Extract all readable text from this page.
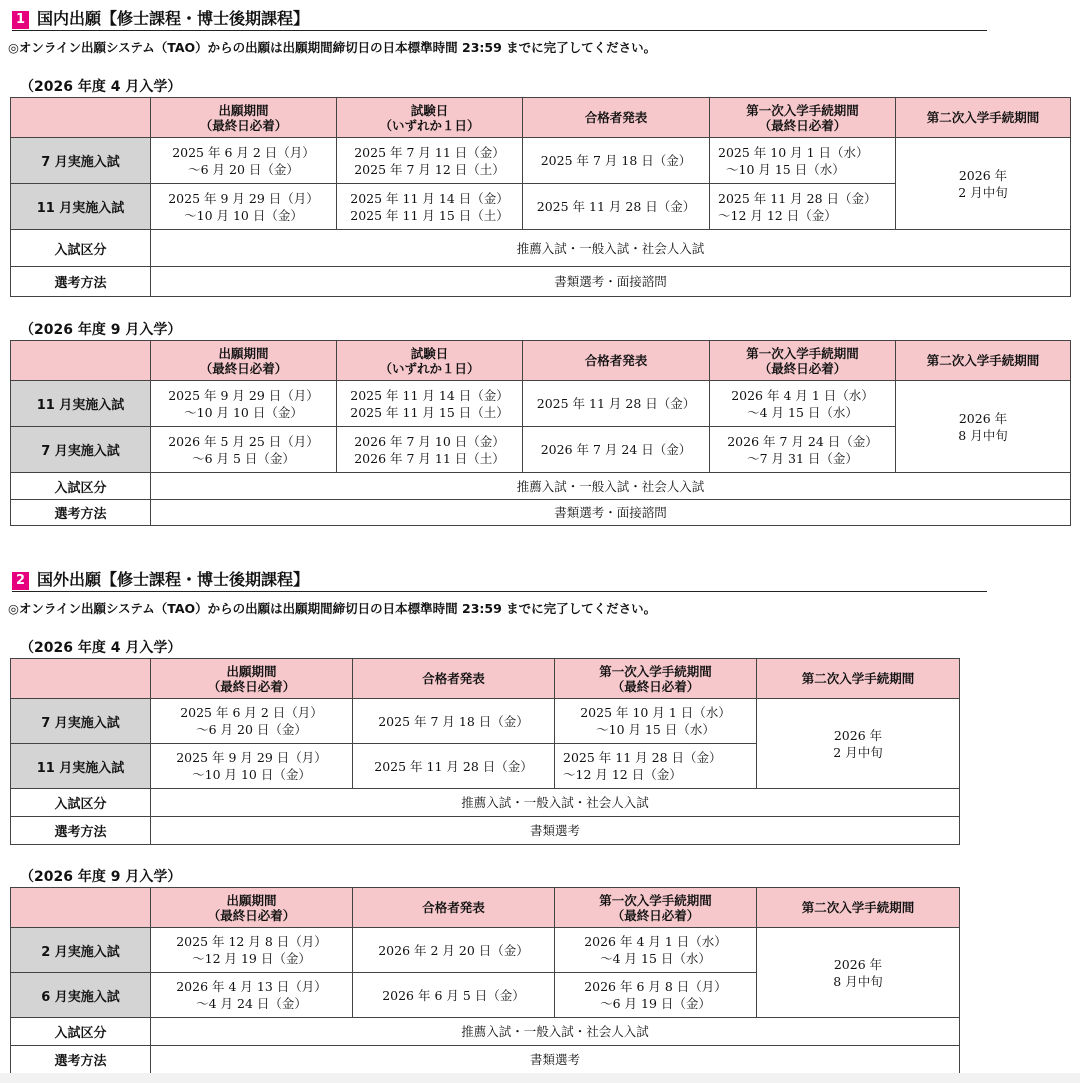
1 国内出願【修士課程・博士後期課程】
◎オンライン出願システム（TAO）からの出願は出願期間締切日の日本標準時間 23:59 までに完了してください。
（2026 年度 4 月入学）

	出願期間
（最終日必着）	試験日
（いずれか１日）	合格者発表	第一次入学手続期間
（最終日必着）	第二次入学手続期間
7 月実施入試	2025 年 6 月 2 日（月）
～6 月 20 日（金）	2025 年 7 月 11 日（金）
2025 年 7 月 12 日（土）	2025 年 7 月 18 日（金）	2025 年 10 月 1 日（水）
～10 月 15 日（水）	2026 年
2 月中旬

11 月実施入試	2025 年 9 月 29 日（月）
～10 月 10 日（金）	2025 年 11 月 14 日（金）
2025 年 11 月 15 日（土）	2025 年 11 月 28 日（金）	2025 年 11 月 28 日（金）
～12 月 12 日（金）	

入試区分	推薦入試・一般入試・社会人入試				
選考方法	書類選考・面接諮問				
（2026 年度 9 月入学）

	出願期間
（最終日必着）	試験日
（いずれか１日）	合格者発表	第一次入学手続期間
（最終日必着）	第二次入学手続期間
11 月実施入試	2025 年 9 月 29 日（月）
～10 月 10 日（金）	2025 年 11 月 14 日（金）
2025 年 11 月 15 日（土）	2025 年 11 月 28 日（金）	2026 年 4 月 1 日（水）
～4 月 15 日（水）	2026 年
8 月中旬

7 月実施入試	2026 年 5 月 25 日（月）
～6 月 5 日（金）	2026 年 7 月 10 日（金）
2026 年 7 月 11 日（土）	2026 年 7 月 24 日（金）	2026 年 7 月 24 日（金）
～7 月 31 日（金）	

入試区分	推薦入試・一般入試・社会人入試				
選考方法	書類選考・面接諮問				
2 国外出願【修士課程・博士後期課程】
◎オンライン出願システム（TAO）からの出願は出願期間締切日の日本標準時間 23:59 までに完了してください。
（2026 年度 4 月入学）

	出願期間
（最終日必着）	合格者発表	第一次入学手続期間
（最終日必着）	第二次入学手続期間
7 月実施入試	2025 年 6 月 2 日（月）
～6 月 20 日（金）	2025 年 7 月 18 日（金）	2025 年 10 月 1 日（水）
～10 月 15 日（水）	2026 年
2 月中旬

11 月実施入試	2025 年 9 月 29 日（月）
～10 月 10 日（金）	2025 年 11 月 28 日（金）	2025 年 11 月 28 日（金）
～12 月 12 日（金）	

入試区分	推薦入試・一般入試・社会人入試			
選考方法	書類選考			
（2026 年度 9 月入学）

	出願期間
（最終日必着）	合格者発表	第一次入学手続期間
（最終日必着）	第二次入学手続期間
2 月実施入試	2025 年 12 月 8 日（月）
～12 月 19 日（金）	2026 年 2 月 20 日（金）	2026 年 4 月 1 日（水）
～4 月 15 日（水）	2026 年
8 月中旬

6 月実施入試	2026 年 4 月 13 日（月）
～4 月 24 日（金）	2026 年 6 月 5 日（金）	2026 年 6 月 8 日（月）
～6 月 19 日（金）	

入試区分	推薦入試・一般入試・社会人入試			
選考方法	書類選考			
